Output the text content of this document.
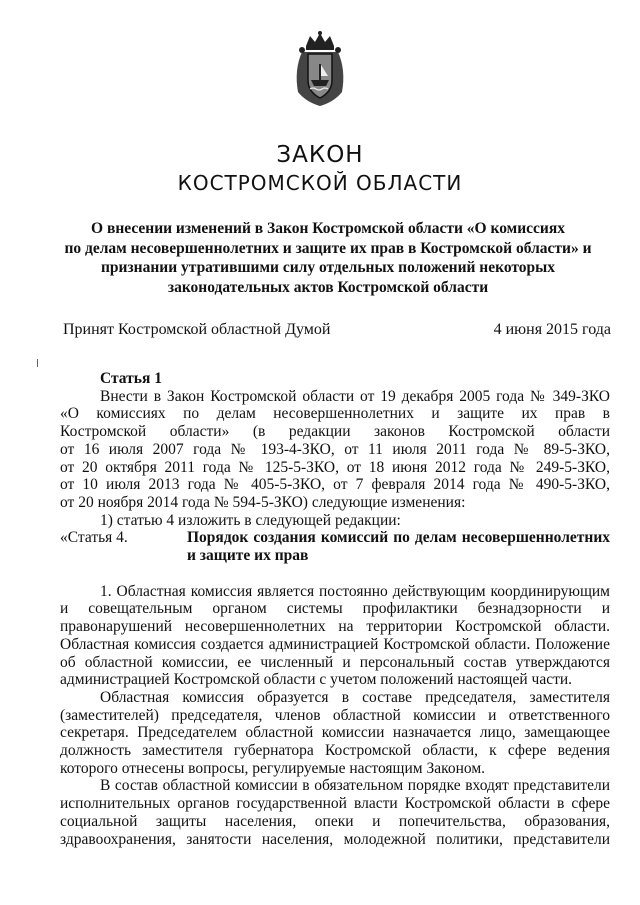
ЗАКОН
КОСТРОМСКОЙ ОБЛАСТИ
О внесении изменений в Закон Костромской области «О комиссиях
по делам несовершеннолетних и защите их прав в Костромской области» и
признании утратившими силу отдельных положений некоторых
законодательных актов Костромской области
Принят Костромской областной Думой	4 июня 2015 года

Статья 1

Внести в Закон Костромской области от 19 декабря 2005 года № 349-ЗКО

«О комиссиях по делам несовершеннолетних и защите их прав в

Костромской области» (в редакции законов Костромской области

от 16 июля 2007 года № 193-4-ЗКО, от 11 июля 2011 года № 89-5-ЗКО,

от 20 октября 2011 года № 125-5-ЗКО, от 18 июня 2012 года № 249-5-ЗКО,

от 10 июля 2013 года № 405-5-ЗКО, от 7 февраля 2014 года № 490-5-ЗКО,

от 20 ноября 2014 года № 594-5-ЗКО) следующие изменения:

1) статью 4 изложить в следующей редакции:

«Статья 4.	Порядок создания комиссий по делам несовершеннолетних и защите их прав

1. Областная комиссия является постоянно действующим координирующим и совещательным органом системы профилактики безнадзорности и правонарушений несовершеннолетних на территории Костромской области. Областная комиссия создается администрацией Костромской области. Положение об областной комиссии, ее численный и персональный состав утверждаются администрацией Костромской области с учетом положений настоящей части.

Областная комиссия образуется в составе председателя, заместителя (заместителей) председателя, членов областной комиссии и ответственного секретаря. Председателем областной комиссии назначается лицо, замещающее должность заместителя губернатора Костромской области, к сфере ведения которого отнесены вопросы, регулируемые настоящим Законом.

В состав областной комиссии в обязательном порядке входят представители исполнительных органов государственной власти Костромской области в сфере социальной защиты населения, опеки и попечительства, образования, здравоохранения, занятости населения, молодежной политики, представители
